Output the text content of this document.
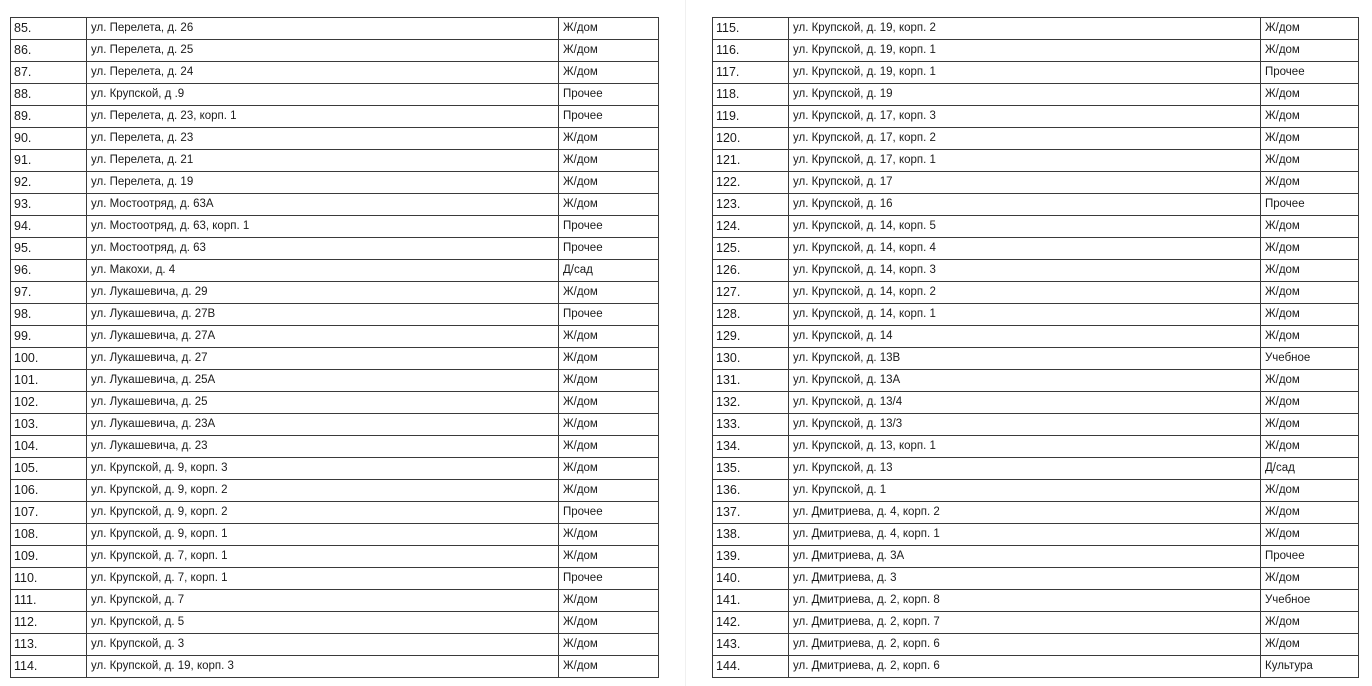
85.	ул. Перелета, д. 26	Ж/дом
86.	ул. Перелета, д. 25	Ж/дом
87.	ул. Перелета, д. 24	Ж/дом
88.	ул. Крупской, д .9	Прочее
89.	ул. Перелета, д. 23, корп. 1	Прочее
90.	ул. Перелета, д. 23	Ж/дом
91.	ул. Перелета, д. 21	Ж/дом
92.	ул. Перелета, д. 19	Ж/дом
93.	ул. Мостоотряд, д. 63А	Ж/дом
94.	ул. Мостоотряд, д. 63, корп. 1	Прочее
95.	ул. Мостоотряд, д. 63	Прочее
96.	ул. Макохи, д. 4	Д/сад
97.	ул. Лукашевича, д. 29	Ж/дом
98.	ул. Лукашевича, д. 27В	Прочее
99.	ул. Лукашевича, д. 27А	Ж/дом
100.	ул. Лукашевича, д. 27	Ж/дом
101.	ул. Лукашевича, д. 25А	Ж/дом
102.	ул. Лукашевича, д. 25	Ж/дом
103.	ул. Лукашевича, д. 23А	Ж/дом
104.	ул. Лукашевича, д. 23	Ж/дом
105.	ул. Крупской, д. 9, корп. 3	Ж/дом
106.	ул. Крупской, д. 9, корп. 2	Ж/дом
107.	ул. Крупской, д. 9, корп. 2	Прочее
108.	ул. Крупской, д. 9, корп. 1	Ж/дом
109.	ул. Крупской, д. 7, корп. 1	Ж/дом
110.	ул. Крупской, д. 7, корп. 1	Прочее
111.	ул. Крупской, д. 7	Ж/дом
112.	ул. Крупской, д. 5	Ж/дом
113.	ул. Крупской, д. 3	Ж/дом
114.	ул. Крупской, д. 19, корп. 3	Ж/дом
115.	ул. Крупской, д. 19, корп. 2	Ж/дом
116.	ул. Крупской, д. 19, корп. 1	Ж/дом
117.	ул. Крупской, д. 19, корп. 1	Прочее
118.	ул. Крупской, д. 19	Ж/дом
119.	ул. Крупской, д. 17, корп. 3	Ж/дом
120.	ул. Крупской, д. 17, корп. 2	Ж/дом
121.	ул. Крупской, д. 17, корп. 1	Ж/дом
122.	ул. Крупской, д. 17	Ж/дом
123.	ул. Крупской, д. 16	Прочее
124.	ул. Крупской, д. 14, корп. 5	Ж/дом
125.	ул. Крупской, д. 14, корп. 4	Ж/дом
126.	ул. Крупской, д. 14, корп. 3	Ж/дом
127.	ул. Крупской, д. 14, корп. 2	Ж/дом
128.	ул. Крупской, д. 14, корп. 1	Ж/дом
129.	ул. Крупской, д. 14	Ж/дом
130.	ул. Крупской, д. 13В	Учебное
131.	ул. Крупской, д. 13А	Ж/дом
132.	ул. Крупской, д. 13/4	Ж/дом
133.	ул. Крупской, д. 13/3	Ж/дом
134.	ул. Крупской, д. 13, корп. 1	Ж/дом
135.	ул. Крупской, д. 13	Д/сад
136.	ул. Крупской, д. 1	Ж/дом
137.	ул. Дмитриева, д. 4, корп. 2	Ж/дом
138.	ул. Дмитриева, д. 4, корп. 1	Ж/дом
139.	ул. Дмитриева, д. 3А	Прочее
140.	ул. Дмитриева, д. 3	Ж/дом
141.	ул. Дмитриева, д. 2, корп. 8	Учебное
142.	ул. Дмитриева, д. 2, корп. 7	Ж/дом
143.	ул. Дмитриева, д. 2, корп. 6	Ж/дом
144.	ул. Дмитриева, д. 2, корп. 6	Культура
